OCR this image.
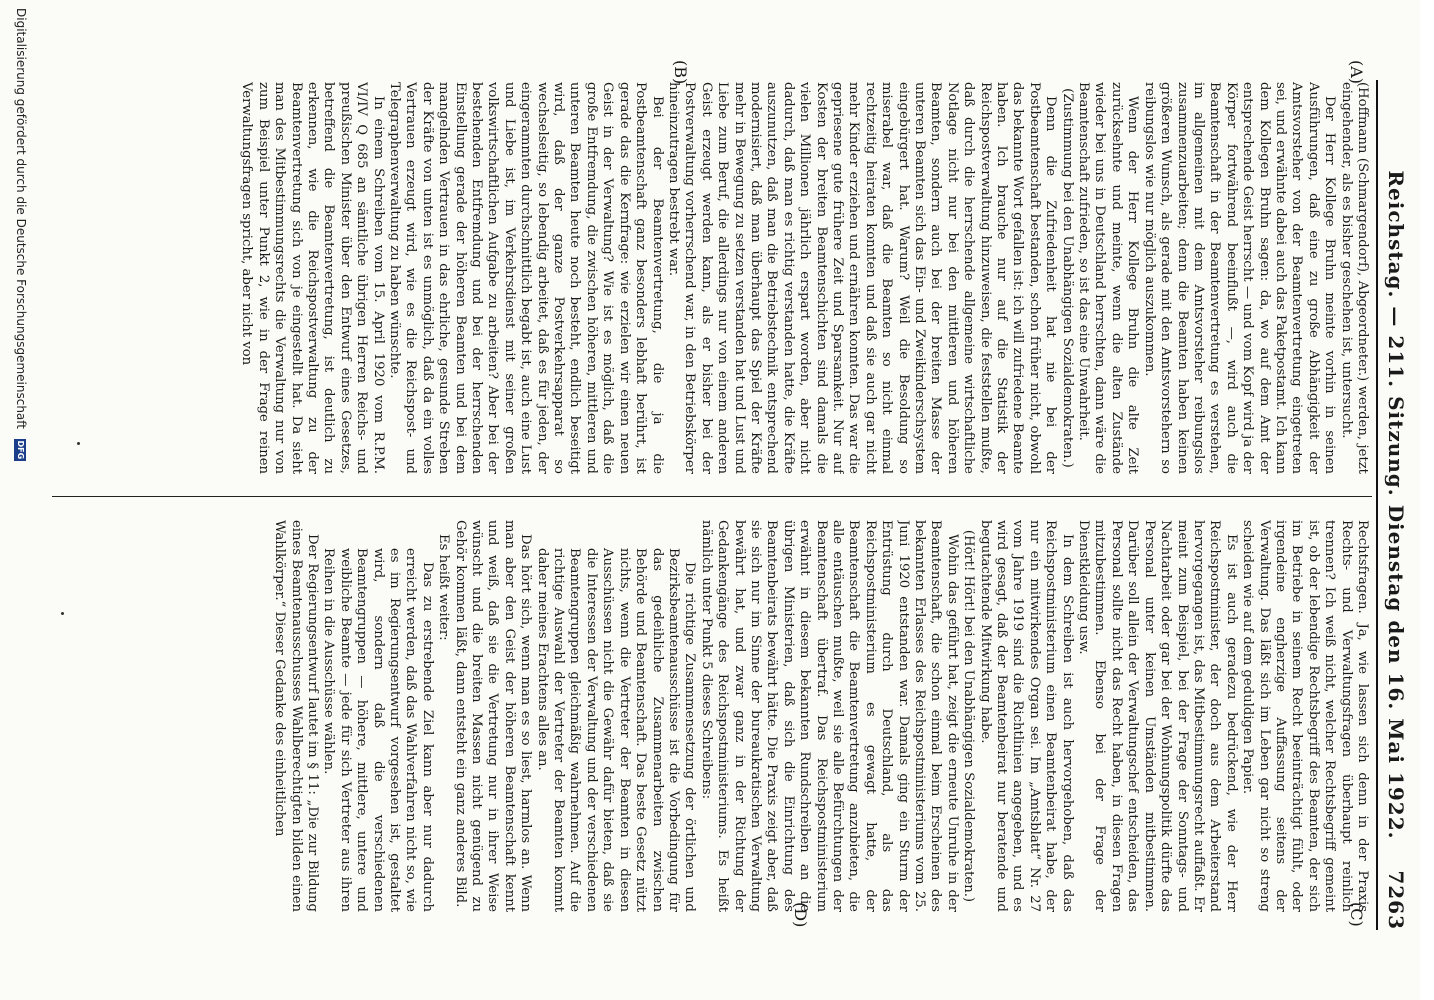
Reichstag. — 211. Sitzung. Dienstag den 16. Mai 1922.
7263
(A)
(B)
(C)
(D)

(Hoffmann (Schmargendorf), Abgeordneter.) werden, jetzt eingehender, als es bisher geschehen ist, untersucht.

Der Herr Kollege Bruhn meinte vorhin in seinen Ausführungen, daß eine zu große Abhängigkeit der Amtsvorsteher von der Beamtenvertretung eingetreten sei, und erwähnte dabei auch das Paketpostamt. Ich kann dem Kollegen Bruhn sagen: da, wo auf dem Amt der entsprechende Geist herrscht — und vom Kopf wird ja der Körper fortwährend beeinflußt —, wird auch die Beamtenschaft in der Beamtenvertretung es verstehen, im allgemeinen mit dem Amtsvorsteher reibungslos zusammenzuarbeiten; denn die Beamten haben keinen größeren Wunsch, als gerade mit den Amtsvorstehern so reibungslos wie nur möglich auszukommen.

Wenn der Herr Kollege Bruhn die alte Zeit zurücksehnte und meinte, wenn die alten Zustände wieder bei uns in Deutschland herrschten, dann wäre die Beamtenschaft zufrieden, so ist das eine Unwahrheit.

(Zustimmung bei den Unabhängigen Sozialdemokraten.)

Denn die Zufriedenheit hat nie bei der Postbeamtenschaft bestanden, schon früher nicht, obwohl das bekannte Wort gefallen ist: ich will zufriedene Beamte haben. Ich brauche nur auf die Statistik der Reichspostverwaltung hinzuweisen, die feststellen mußte, daß durch die herrschende allgemeine wirtschaftliche Notlage nicht nur bei den mittleren und höheren Beamten, sondern auch bei der breiten Masse der unteren Beamten sich das Ein- und Zweikinderschsystem eingebürgert hat. Warum? Weil die Besoldung so miserabel war, daß die Beamten so nicht einmal rechtzeitig heiraten konnten und daß sie auch gar nicht mehr Kinder erziehen und ernähren konnten. Das war die gepriesene gute frühere Zeit und Sparsamkeit. Nur auf Kosten der breiten Beamtenschichten sind damals die vielen Millionen jährlich erspart worden, aber nicht dadurch, daß man es richtig verstanden hatte, die Kräfte auszunutzen, daß man die Betriebstechnik entsprechend modernisiert, daß man überhaupt das Spiel der Kräfte mehr in Bewegung zu setzen verstanden hat und Lust und Liebe zum Beruf, die allerdings nur von einem anderen Geist erzeugt werden kann, als er bisher bei der Postverwaltung vorherrschend war, in den Betriebskörper hineinzutragen bestrebt war.

Bei der Beamtenvertretung, die ja die Postbeamtenschaft ganz besonders lebhaft berührt, ist gerade das die Kernfrage: wie erzielen wir einen neuen Geist in der Verwaltung? Wie ist es möglich, daß die große Entfremdung, die zwischen höheren, mittleren und unteren Beamten heute noch besteht, endlich beseitigt wird, daß der ganze Postverkehrsapparat so wechselseitig, so lebendig arbeitet, daß es für jeden, der eingerammten durchschnittlich begabt ist, auch eine Lust und Liebe ist, im Verkehrsdienst mit seiner großen volkswirtschaftlichen Aufgabe zu arbeiten? Aber bei der bestehenden Entfremdung und bei der herrschenden Einstellung gerade der höheren Beamten und bei dem mangelnden Vertrauen in das ehrliche, gesunde Streben der Kräfte von unten ist es unmöglich, daß da ein volles Vertrauen erzeugt wird, wie es die Reichspost- und Telegraphenverwaltung zu haben wünschte.

In einem Schreiben vom 15. April 1920 vom R.P.M. VI/IV Q 685 an sämtliche übrigen Herren Reichs- und preußischen Minister über den Entwurf eines Gesetzes, betreffend die Beamtenvertretung, ist deutlich zu erkennen, wie die Reichspostverwaltung zu der Beamtenvertretung sich von je eingestellt hat. Da sieht man des Mitbestimmungsrechts die Verwaltung nur von zum Beispiel unter Punkt 2, wie in der Frage reinen Verwaltungsfragen spricht, aber nicht von

Rechtsfragen. Ja, wie lassen sich denn in der Praxis Rechts- und Verwaltungsfragen überhaupt reinlich trennen? Ich weiß nicht, welcher Rechtsbegriff gemeint ist, ob der lebendige Rechtsbegriff des Beamten, der sich im Betriebe in seinem Recht beeinträchtigt fühlt, oder irgendeine engherzige Auffassung seitens der Verwaltung. Das läßt sich im Leben gar nicht so streng scheiden wie auf dem geduldigen Papier.

Es ist auch geradezu bedrückend, wie der Herr Reichspostminister, der doch aus dem Arbeiterstand hervorgegangen ist, das Mitbestimmungsrecht auffaßt. Er meint zum Beispiel, bei der Frage der Sonntags- und Nachtarbeit oder gar bei der Wohnungspolitik dürfte das Personal unter keinen Umständen mitbestimmen. Darüber soll allein der Verwaltungschef entscheiden, das Personal sollte nicht das Recht haben, in diesen Fragen mitzubestimmen. Ebenso bei der Frage der Dienstkleidung usw.

In dem Schreiben ist auch hervorgehoben, daß das Reichspostministerium einen Beamtenbeirat habe, der nur ein mitwirkendes Organ sei. Im „Amtsblatt“ Nr. 27 vom Jahre 1919 sind die Richtlinien angegeben, und es wird gesagt, daß der Beamtenbeirat nur beratende und begutachtende Mitwirkung habe.

(Hört! Hört! bei den Unabhängigen Sozialdemokraten.)

Wohin das geführt hat, zeigt die erneute Unruhe in der Beamtenschaft, die schon einmal beim Erscheinen des bekannten Erlasses des Reichspostministeriums vom 25. Juni 1920 entstanden war. Damals ging ein Sturm der Entrüstung durch Deutschland, als das Reichspostministerium es gewagt hatte, der Beamtenschaft die Beamtenvertretung anzubieten, die alle entäuschen mußte, weil sie alle Befürchtungen der Beamtenschaft übertraf. Das Reichspostministerium erwähnt in diesem bekannten Rundschreiben an die übrigen Ministerien, daß sich die Einrichtung des Beamtenbeirats bewährt hätte. Die Praxis zeigt aber, daß sie sich nur im Sinne der bureaukratischen Verwaltung bewährt hat, und zwar ganz in der Richtung der Gedankengänge des Reichspostministeriums. Es heißt nämlich unter Punkt 5 dieses Schreibens:

Die richtige Zusammensetzung der örtlichen und Bezirksbeamtenausschüsse ist die Vorbedingung für das gedeihliche Zusammenarbeiten zwischen Behörde und Beamtenschaft. Das beste Gesetz nützt nichts, wenn die Vertreter der Beamten in diesen Ausschüssen nicht die Gewähr dafür bieten, daß sie die Interessen der Verwaltung und der verschiedenen Beamtengruppen gleichmäßig wahrnehmen. Auf die richtige Auswahl der Vertreter der Beamten kommt daher meines Erachtens alles an.

Das hört sich, wenn man es so liest, harmlos an. Wenn man aber den Geist der höheren Beamtenschaft kennt und weiß, daß sie die Vertretung nur in ihrer Weise wünscht und die breiten Massen nicht genügend zu Gehör kommen läßt, dann entsteht ein ganz anderes Bild.

Es heißt weiter:

Das zu erstrebende Ziel kann aber nur dadurch erreicht werden, daß das Wahlverfahren nicht so, wie es im Regierungsentwurf vorgesehen ist, gestaltet wird, sondern daß die verschiedenen Beamtengruppen — höhere, mittlere, untere und weibliche Beamte — jede für sich Vertreter aus ihren Reihen in die Ausschüsse wählen.

Der Regierungsentwurf lautet im § 11: „Die zur Bildung eines Beamtenausschusses Wahlberechtigten bilden einen Wahlkörper.“ Dieser Gedanke des einheitlichen

Digitalisierung gefördert durch die Deutsche Forschungsgemeinschaft DFG
